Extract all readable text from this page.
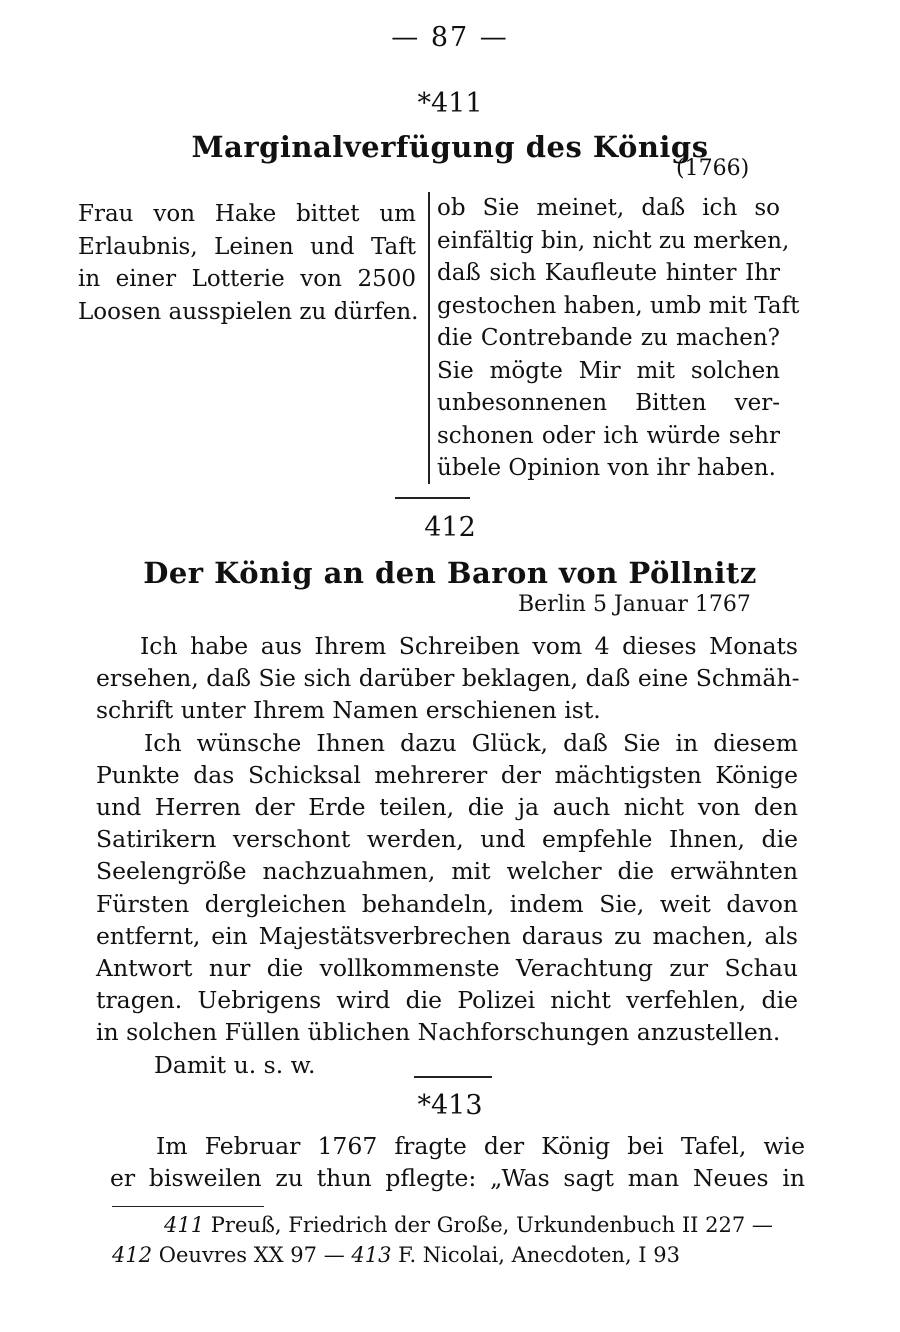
— 87 —
*411
Marginalverfügung des Königs
(1766)
Frau von Hake bittet um
Erlaubnis, Leinen und Taft
in einer Lotterie von 2500
Loosen ausspielen zu dürfen.
ob Sie meinet, daß ich so
einfältig bin, nicht zu merken,
daß sich Kaufleute hinter Ihr
gestochen haben, umb mit Taft
die Contrebande zu machen?
Sie mögte Mir mit solchen
unbesonnenen Bitten ver-
schonen oder ich würde sehr
übele Opinion von ihr haben.
412
Der König an den Baron von Pöllnitz
Berlin 5 Januar 1767
Ich habe aus Ihrem Schreiben vom 4 dieses Monats
ersehen, daß Sie sich darüber beklagen, daß eine Schmäh-
schrift unter Ihrem Namen erschienen ist.
Ich wünsche Ihnen dazu Glück, daß Sie in diesem
Punkte das Schicksal mehrerer der mächtigsten Könige
und Herren der Erde teilen, die ja auch nicht von den
Satirikern verschont werden, und empfehle Ihnen, die
Seelengröße nachzuahmen, mit welcher die erwähnten
Fürsten dergleichen behandeln, indem Sie, weit davon
entfernt, ein Majestätsverbrechen daraus zu machen, als
Antwort nur die vollkommenste Verachtung zur Schau
tragen. Uebrigens wird die Polizei nicht verfehlen, die
in solchen Füllen üblichen Nachforschungen anzustellen.
Damit u. s. w.
*413
Im Februar 1767 fragte der König bei Tafel, wie
er bisweilen zu thun pflegte: „Was sagt man Neues in
411 Preuß, Friedrich der Große, Urkundenbuch II 227 —
412 Oeuvres XX 97 — 413 F. Nicolai, Anecdoten, I 93
